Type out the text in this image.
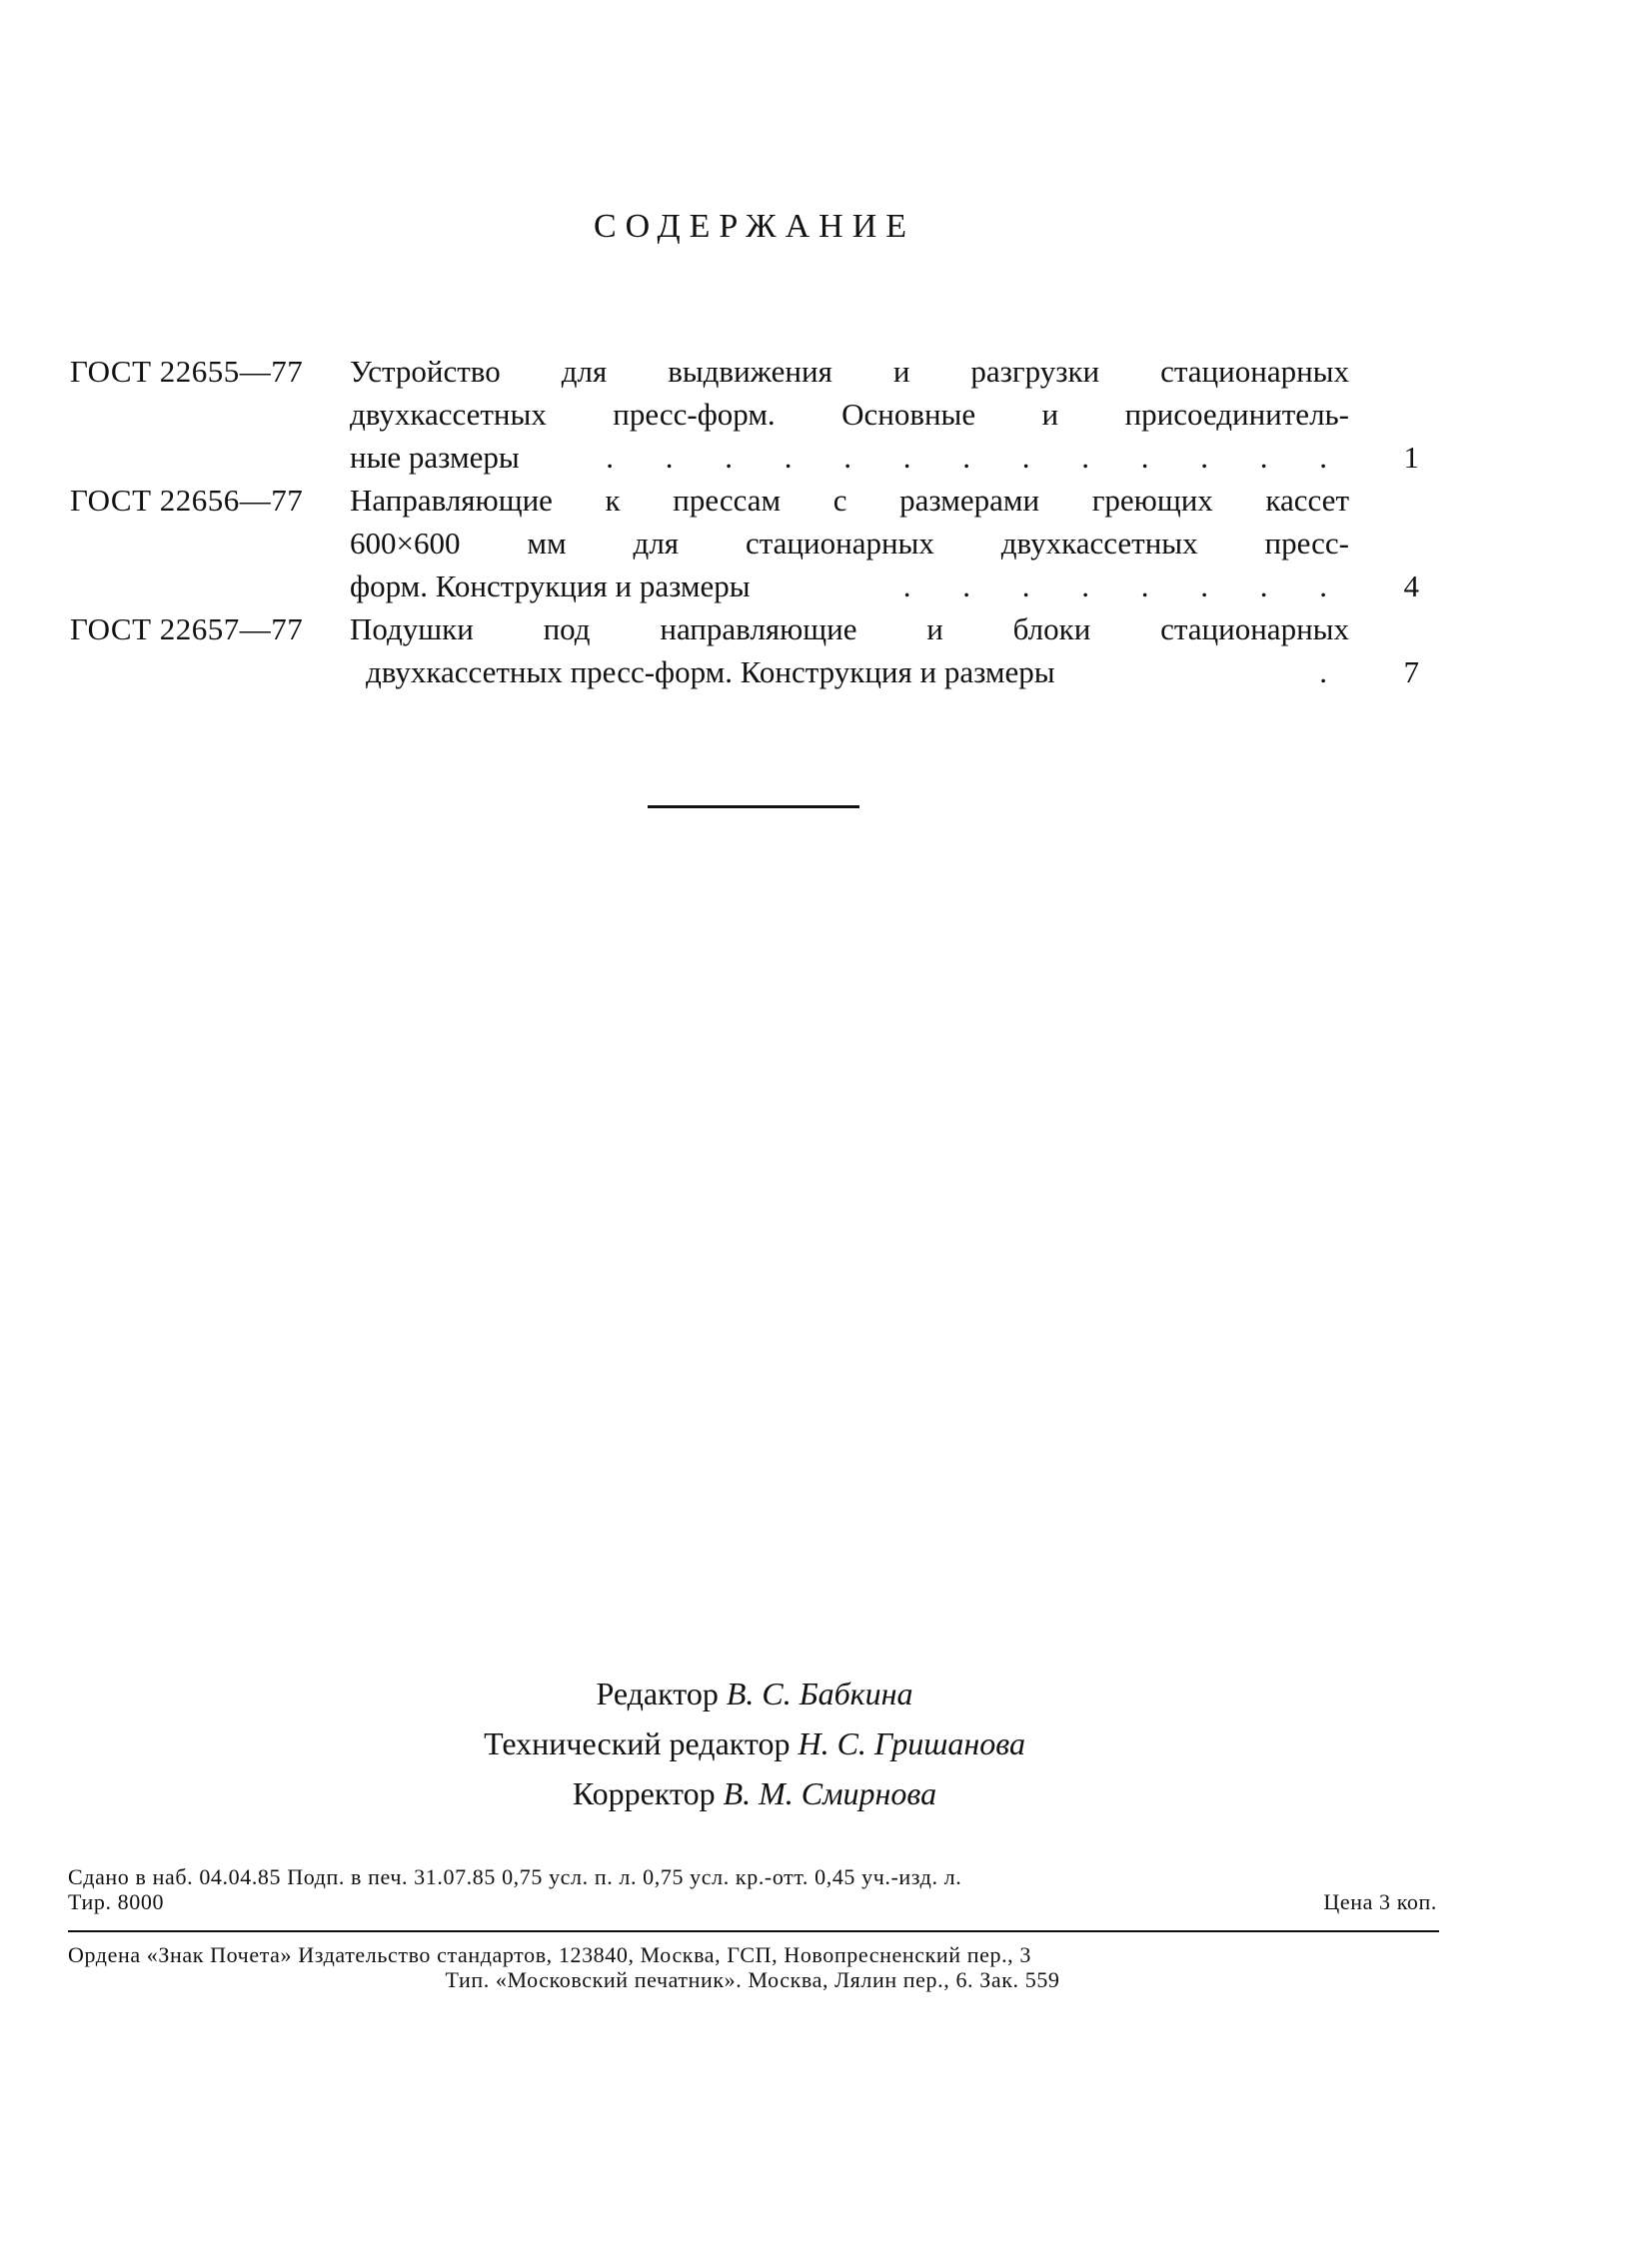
СОДЕРЖАНИЕ
ГОСТ 22655—77	Устройство для выдвижения и разгрузки стационарных
двухкассетных пресс-форм. Основные и присоединитель-
ные размеры	. . . . . . . . . . . . .	1
ГОСТ 22656—77	Направляющие к прессам с размерами греющих кассет
600×600 мм для стационарных двухкассетных пресс-
форм. Конструкция и размеры	. . . . . . . .	4
ГОСТ 22657—77	Подушки под направляющие и блоки стационарных
двухкассетных пресс-форм. Конструкция и размеры	.	7
Редактор В. С. Бабкина
Технический редактор Н. С. Гришанова
Корректор В. М. Смирнова
Сдано в наб. 04.04.85 Подп. в печ. 31.07.85 0,75 усл. п. л. 0,75 усл. кр.-отт. 0,45 уч.-изд. л.
Тир. 8000	Цена 3 коп.
Ордена «Знак Почета» Издательство стандартов, 123840, Москва, ГСП, Новопресненский пер., 3
Тип. «Московский печатник». Москва, Лялин пер., 6. Зак. 559
